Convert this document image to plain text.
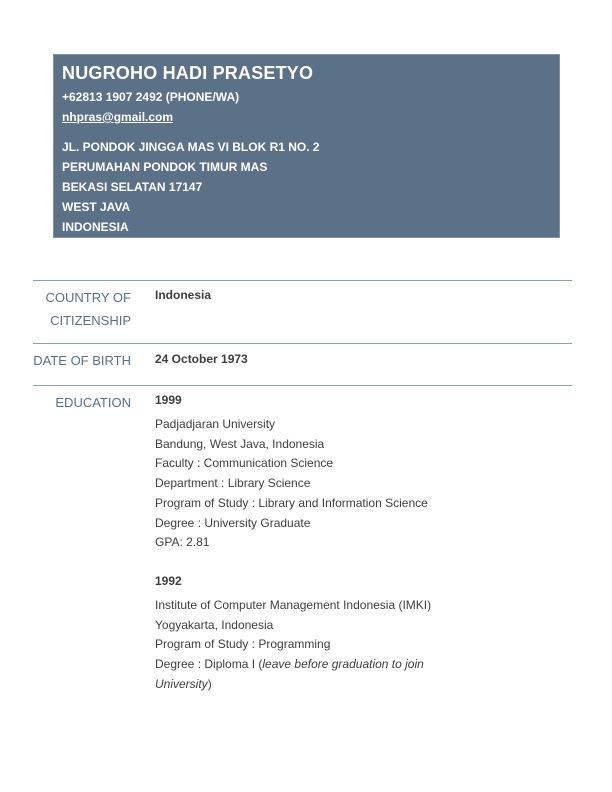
NUGROHO HADI PRASETYO
+62813 1907 2492 (PHONE/WA)
nhpras@gmail.com
JL. PONDOK JINGGA MAS VI BLOK R1 NO. 2
PERUMAHAN PONDOK TIMUR MAS
BEKASI SELATAN 17147
WEST JAVA
INDONESIA
COUNTRY OF
CITIZENSHIP
Indonesia
DATE OF BIRTH 24 October 1973
EDUCATION 1999
Padjadjaran University
Bandung, West Java, Indonesia
Faculty : Communication Science
Department : Library Science
Program of Study : Library and Information Science
Degree : University Graduate
GPA: 2.81
1992
Institute of Computer Management Indonesia (IMKI)
Yogyakarta, Indonesia
Program of Study : Programming
Degree : Diploma I (leave before graduation to join University)
